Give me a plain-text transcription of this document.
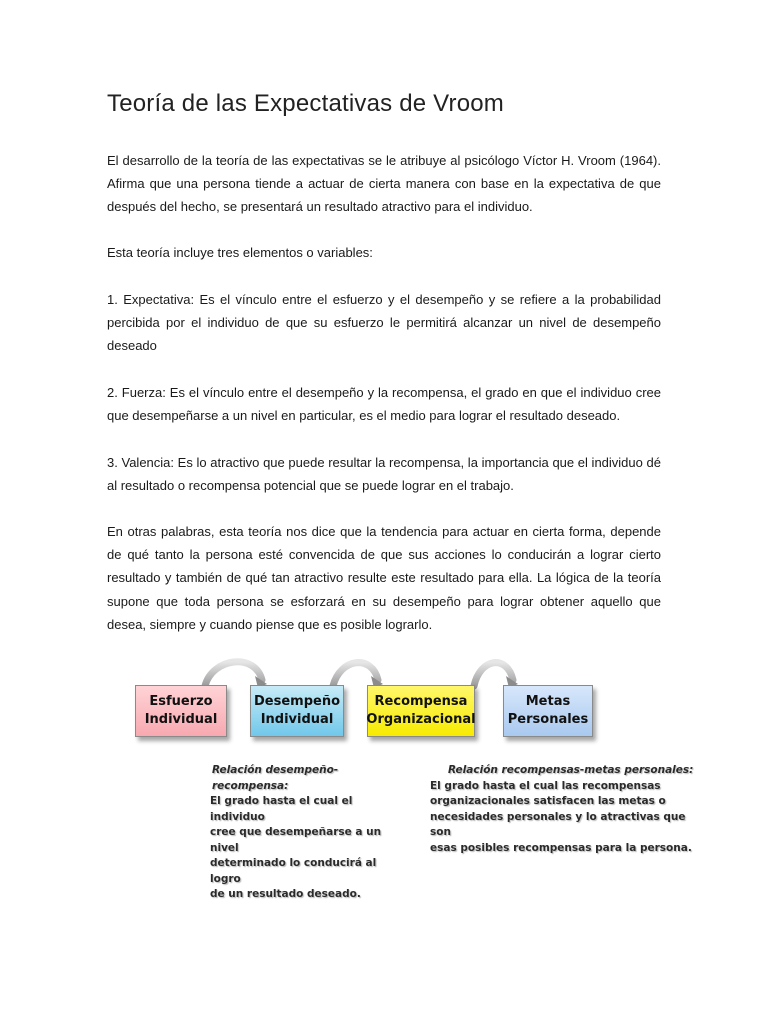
Teoría de las Expectativas de Vroom

El desarrollo de la teoría de las expectativas se le atribuye al psicólogo Víctor H. Vroom (1964). Afirma que una persona tiende a actuar de cierta manera con base en la expectativa de que después del hecho, se presentará un resultado atractivo para el individuo.

Esta teoría incluye tres elementos o variables:

1. Expectativa: Es el vínculo entre el esfuerzo y el desempeño y se refiere a la probabilidad percibida por el individuo de que su esfuerzo le permitirá alcanzar un nivel de desempeño deseado

2. Fuerza: Es el vínculo entre el desempeño y la recompensa, el grado en que el individuo cree que desempeñarse a un nivel en particular, es el medio para lograr el resultado deseado.

3. Valencia: Es lo atractivo que puede resultar la recompensa, la importancia que el individuo dé al resultado o recompensa potencial que se puede lograr en el trabajo.

En otras palabras, esta teoría nos dice que la tendencia para actuar en cierta forma, depende de qué tanto la persona esté convencida de que sus acciones lo conducirán a lograr cierto resultado y también de qué tan atractivo resulte este resultado para ella. La lógica de la teoría supone que toda persona se esforzará en su desempeño para lograr obtener aquello que desea, siempre y cuando piense que es posible lograrlo.

Esfuerzo
Individual
Desempeño
Individual
Recompensa
Organizacional
Metas
Personales
Relación desempeño-recompensa:
El grado hasta el cual el individuo
cree que desempeñarse a un nivel
determinado lo conducirá al logro
de un resultado deseado.
Relación recompensas-metas personales:
El grado hasta el cual las recompensas
organizacionales satisfacen las metas o
necesidades personales y lo atractivas que son
esas posibles recompensas para la persona.
